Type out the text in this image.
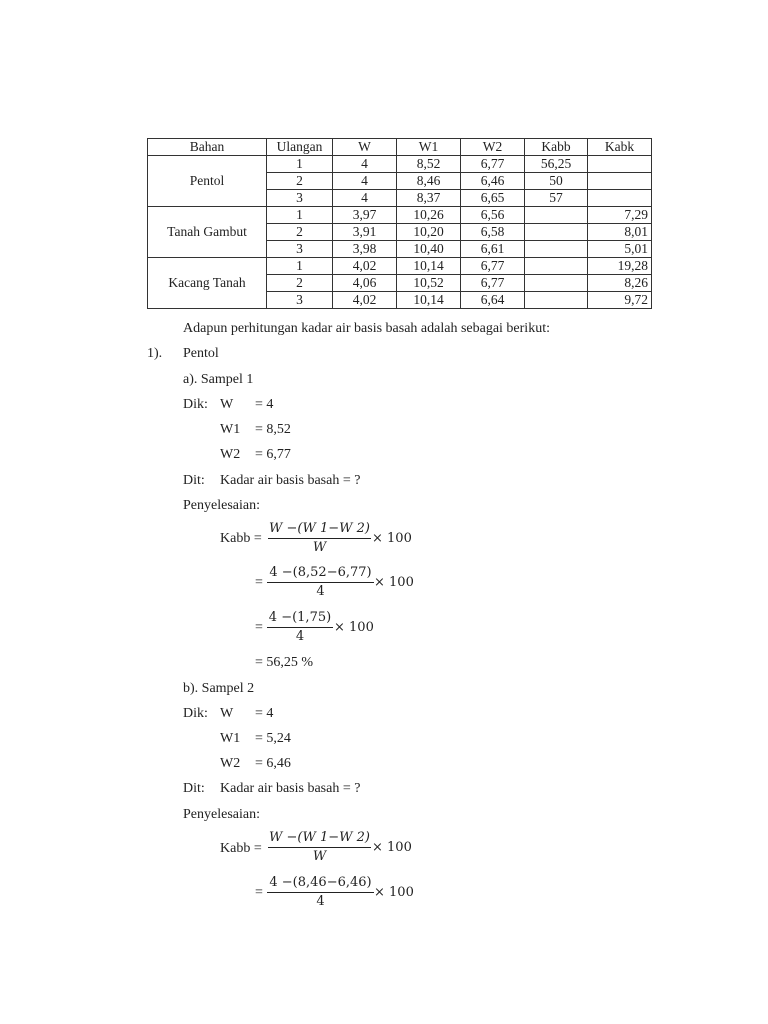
Bahan	Ulangan	W	W1	W2	Kabb	Kabk
Pentol	1	4	8,52	6,77	56,25	
	2	4	8,46	6,46	50	
	3	4	8,37	6,65	57	
Tanah Gambut	1	3,97	10,26	6,56		7,29
	2	3,91	10,20	6,58		8,01
	3	3,98	10,40	6,61		5,01
Kacang Tanah	1	4,02	10,14	6,77		19,28
	2	4,06	10,52	6,77		8,26
	3	4,02	10,14	6,64		9,72
Adapun perhitungan kadar air basis basah adalah sebagai berikut:
1). Pentol
a). Sampel 1
Dik: W = 4
W1 = 8,52
W2 = 6,77
Dit: Kadar air basis basah = ?
Penyelesaian:
Kabb =
W −(W 1−W 2)
W
× 100
=
4 −(8,52−6,77)
4
× 100
=
4 −(1,75)
4
× 100
= 56,25 %
b). Sampel 2
Dik: W = 4
W1 = 5,24
W2 = 6,46
Dit: Kadar air basis basah = ?
Penyelesaian:
Kabb =
W −(W 1−W 2)
W
× 100
=
4 −(8,46−6,46)
4
× 100
